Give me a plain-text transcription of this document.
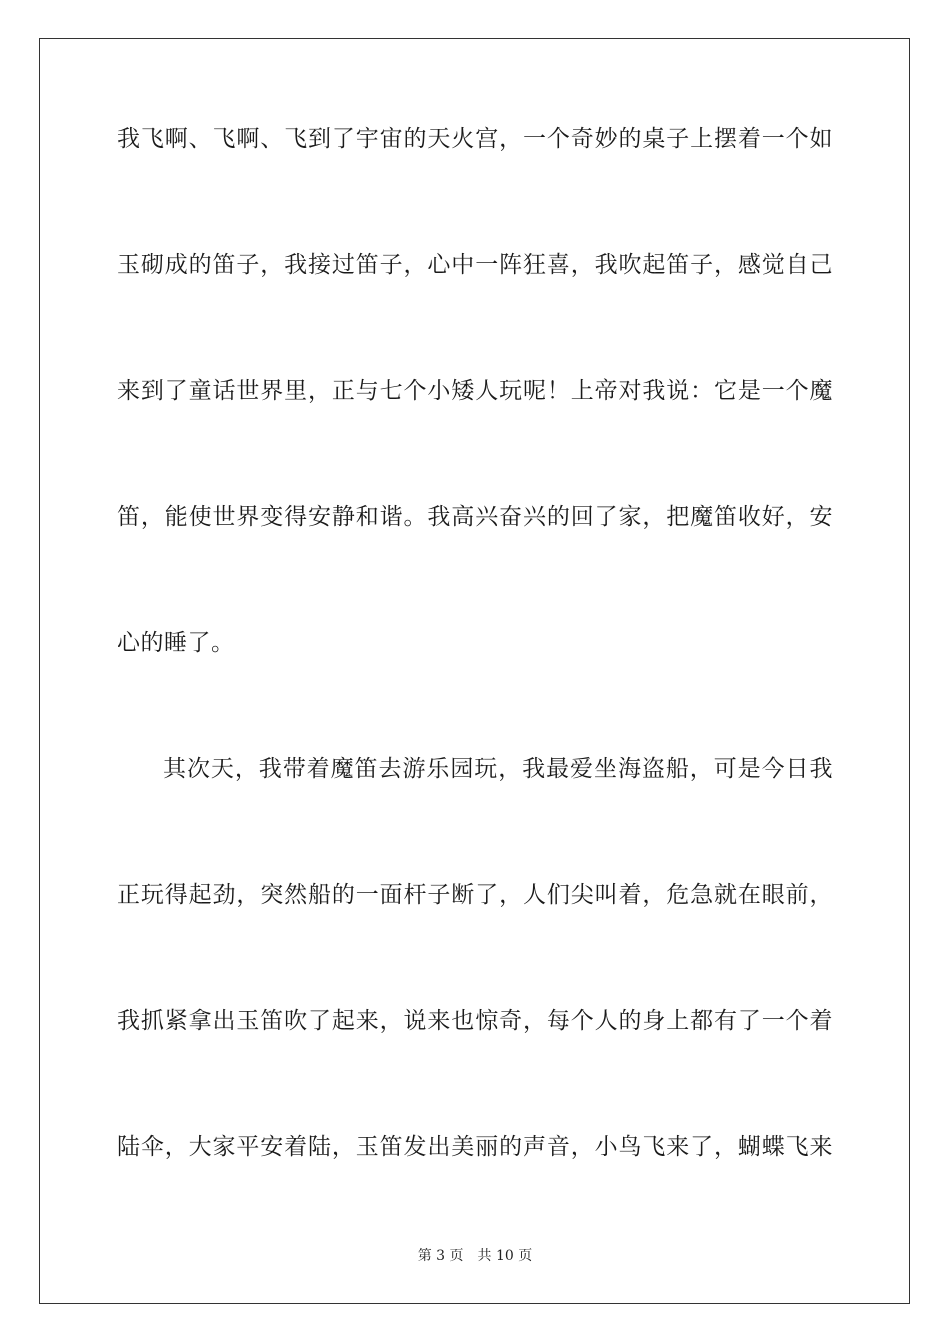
我飞啊、飞啊、飞到了宇宙的天火宫，一个奇妙的桌子上摆着一个如
玉砌成的笛子，我接过笛子，心中一阵狂喜，我吹起笛子，感觉自己
来到了童话世界里，正与七个小矮人玩呢！上帝对我说：它是一个魔
笛，能使世界变得安静和谐。我高兴奋兴的回了家，把魔笛收好，安
心的睡了。
其次天，我带着魔笛去游乐园玩，我最爱坐海盗船，可是今日我
正玩得起劲，突然船的一面杆子断了，人们尖叫着，危急就在眼前，
我抓紧拿出玉笛吹了起来，说来也惊奇，每个人的身上都有了一个着
陆伞，大家平安着陆，玉笛发出美丽的声音，小鸟飞来了，蝴蝶飞来
第 3 页 共 10 页
